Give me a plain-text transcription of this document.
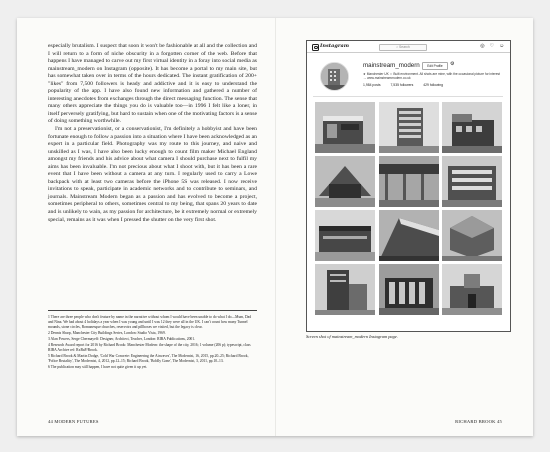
especially brutalism. I suspect that soon it won't be fashionable at all and the collection and I will return to a form of niche obscurity in a forgotten corner of the web. Before that happens I have managed to carve out my first virtual identity in a foray into social media as mainstream_modern on Instagram (opposite). It has become a portal to my main site, but has somewhat taken over in terms of the hours dedicated. The instant gratification of 200+ "likes" from 7,500 followers is heady and addictive and it is easy to understand the popularity of the app. I have also found new information and gathered a number of interesting anecdotes from exchanges through the direct messaging function. The sense that many others appreciate the things you do is valuable too—in 1996 I felt like a loner, in itself perversely gratifying, but hard to sustain when one of the motivating factors is a sense of doing something worthwhile.

I'm not a preservationist, or a conservationist, I'm definitely a hobbyist and have been fortunate enough to follow a passion into a situation where I have been acknowledged as an expert in a particular field. Photography was my route to this journey, and naive and unskilled as I was, I have also been lucky enough to count film maker Michael England amongst my friends and his advice about what camera I should purchase next to fulfil my aims has been invaluable. I'm not precious about what I shoot with, but it has been a rare event that I have been without a camera at any turn. I regularly used to carry a Lowe backpack with at least two cameras before the iPhone 5S was released. I now receive invitations to speak, participate in academic networks and to contribute to seminars, and journals. Mainstream Modern began as a passion and has evolved to become a project, sometimes peripheral to others, sometimes central to my being, that spans 20 years to date and is unlikely to wain, as my passion for architecture, be it extremely normal or extremely special, remains as it was when I pressed the shutter on the very first shot.

1 There are three people who don't feature by name in the narrative without whom I would have been unable to do what I do—Mum, Dad and Nina. We had about 4 holidays a year when I was young and until I was 12 they were all in the UK. I can't count how many Tunnel mounds, stone circles, Romanesque churches, reservoirs and pillboxes we visited, but the legacy is clear.
2 Dennis Sharp, Manchester City Buildings Series, London: Studio Vista, 1969.
3 Alan Powers, Serge Chermayeff: Designer, Architect, Teacher, London: RIBA Publications, 2001.
4 Research Award report for 2016 by Richard Brook: Manchester Modern: the shape of the city, 2016; 1 volume (206 p); typescript, class RIBA Archive ref: RxBaP/Brook.
5 Richard Brook & Martin Dodge, 'Cold War Concrete: Engineering the Airwaves', The Modernist, 16, 2015, pp.20–25; Richard Brook, 'Police Brutality', The Modernist, 4, 2012, pp.12–15; Richard Brook, 'Boldly Gone', The Modernist, 3, 2011, pp.10–13.
6 The publication may still happen, I have not quite given it up yet.
44 MODERN FUTURES
Instagram	⌕ Search	◎ ♡ ☺
mainstream_modern	Edit Profile	⚙
★ Manchester UK ☆ Built environment. All shots are mine, with the occasional picture for interest → www.mainstreammodern.co.uk
1,984 posts	7,535 followers	429 following
Screen shot of mainstream_modern Instagram page.
RICHARD BROOK 45
